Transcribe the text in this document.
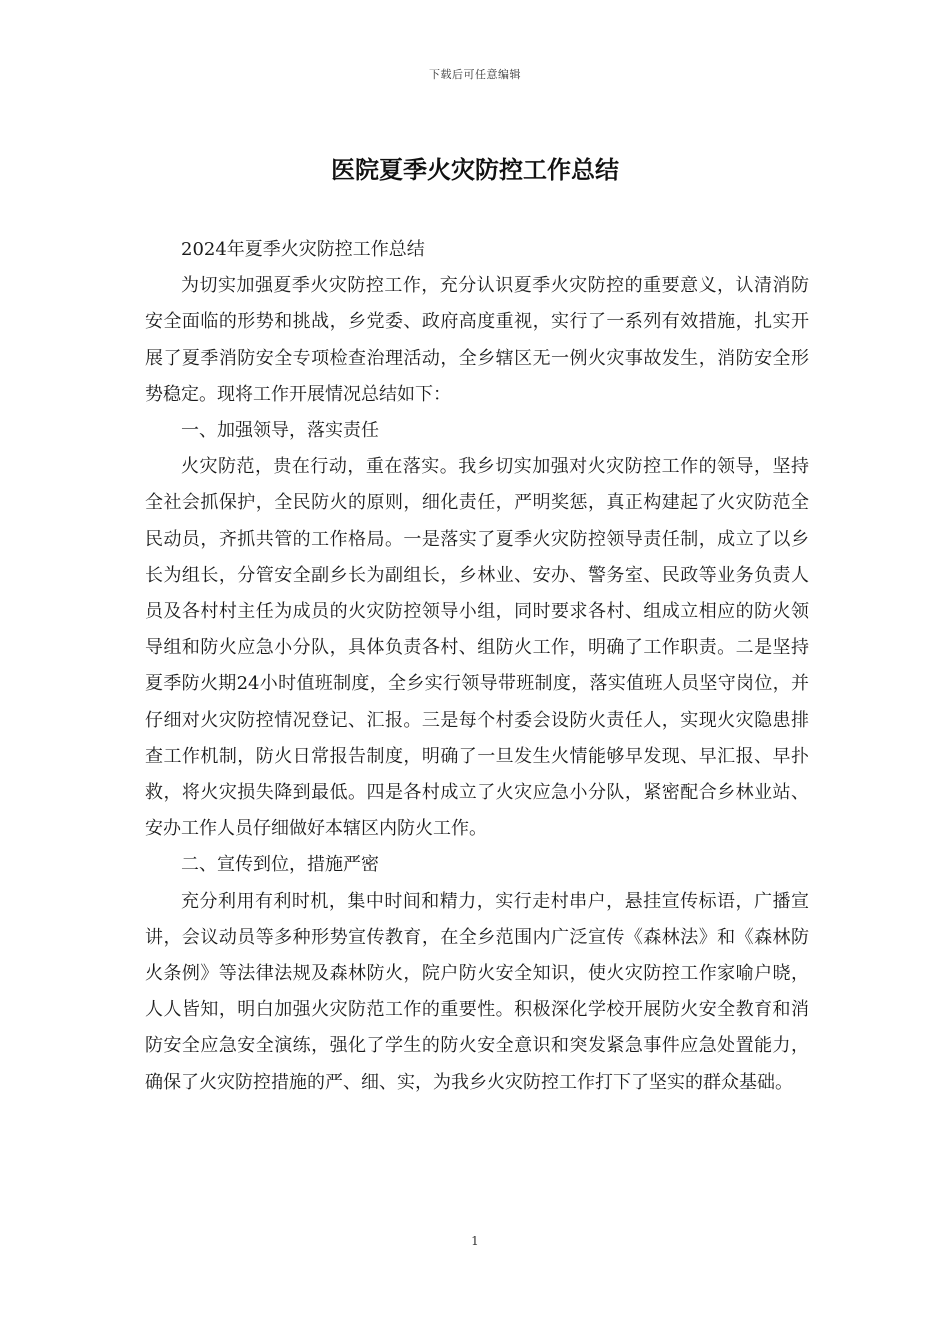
下载后可任意编辑
医院夏季火灾防控工作总结

2024年夏季火灾防控工作总结

为切实加强夏季火灾防控工作，充分认识夏季火灾防控的重要意义，认清消防安全面临的形势和挑战，乡党委、政府高度重视，实行了一系列有效措施，扎实开展了夏季消防安全专项检查治理活动，全乡辖区无一例火灾事故发生，消防安全形势稳定。现将工作开展情况总结如下：

一、加强领导，落实责任

火灾防范，贵在行动，重在落实。我乡切实加强对火灾防控工作的领导，坚持全社会抓保护，全民防火的原则，细化责任，严明奖惩，真正构建起了火灾防范全民动员，齐抓共管的工作格局。一是落实了夏季火灾防控领导责任制，成立了以乡长为组长，分管安全副乡长为副组长，乡林业、安办、警务室、民政等业务负责人员及各村村主任为成员的火灾防控领导小组，同时要求各村、组成立相应的防火领导组和防火应急小分队，具体负责各村、组防火工作，明确了工作职责。二是坚持夏季防火期24小时值班制度，全乡实行领导带班制度，落实值班人员坚守岗位，并仔细对火灾防控情况登记、汇报。三是每个村委会设防火责任人，实现火灾隐患排查工作机制，防火日常报告制度，明确了一旦发生火情能够早发现、早汇报、早扑救，将火灾损失降到最低。四是各村成立了火灾应急小分队，紧密配合乡林业站、安办工作人员仔细做好本辖区内防火工作。

二、宣传到位，措施严密

充分利用有利时机，集中时间和精力，实行走村串户，悬挂宣传标语，广播宣讲，会议动员等多种形势宣传教育，在全乡范围内广泛宣传《森林法》和《森林防火条例》等法律法规及森林防火，院户防火安全知识，使火灾防控工作家喻户晓，人人皆知，明白加强火灾防范工作的重要性。积极深化学校开展防火安全教育和消防安全应急安全演练，强化了学生的防火安全意识和突发紧急事件应急处置能力，确保了火灾防控措施的严、细、实，为我乡火灾防控工作打下了坚实的群众基础。

1
